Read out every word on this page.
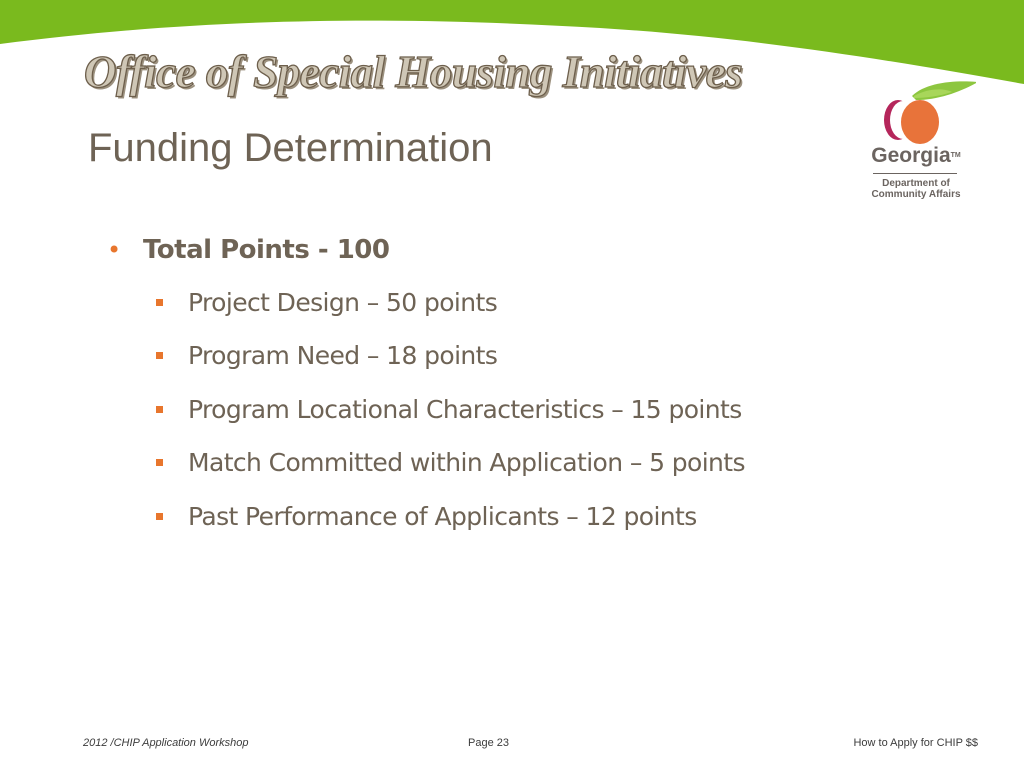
Office of Special Housing Initiatives
Funding Determination	Georgia™
Department of
Community Affairs
• Total Points - 100
Project Design – 50 points
Program Need – 18 points
Program Locational Characteristics – 15 points
Match Committed within Application – 5 points
Past Performance of Applicants – 12 points
2012 /CHIP Application Workshop	Page 23	How to Apply for CHIP $$
